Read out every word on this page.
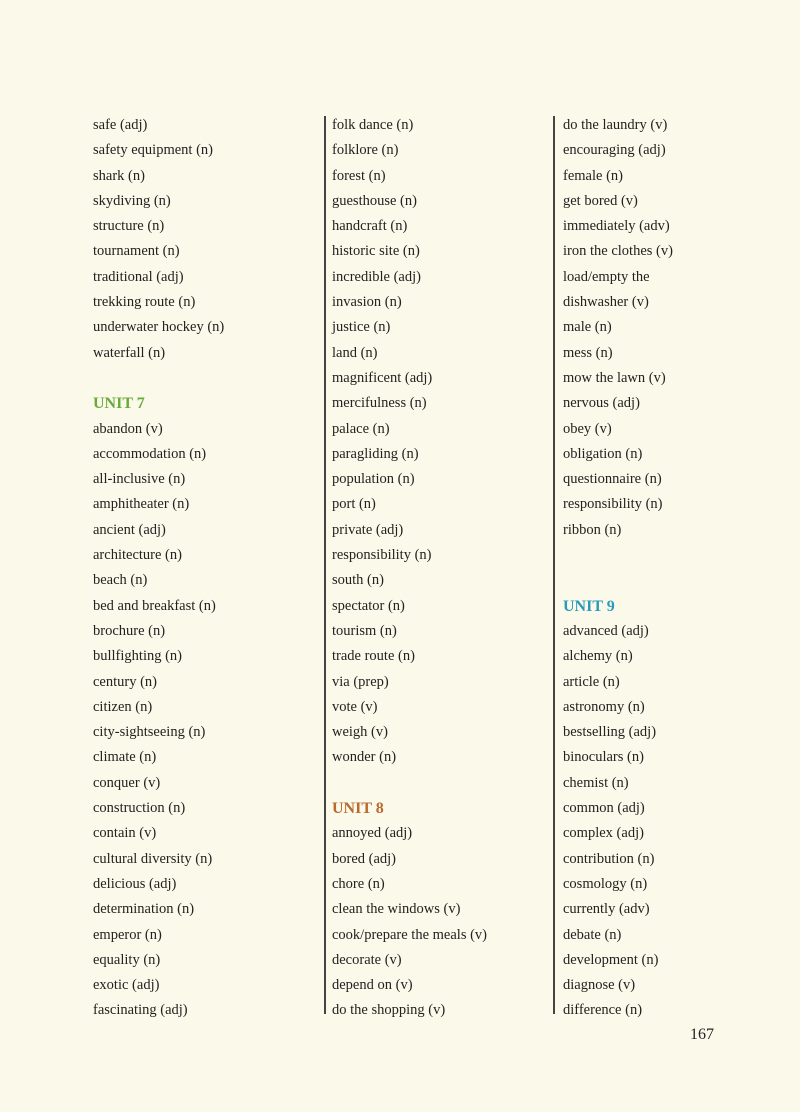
safe (adj)
safety equipment (n)
shark (n)
skydiving (n)
structure (n)
tournament (n)
traditional (adj)
trekking route (n)
underwater hockey (n)
waterfall (n)
UNIT 7
abandon (v)
accommodation (n)
all-inclusive (n)
amphitheater (n)
ancient (adj)
architecture (n)
beach (n)
bed and breakfast (n)
brochure (n)
bullfighting (n)
century (n)
citizen (n)
city-sightseeing (n)
climate (n)
conquer (v)
construction (n)
contain (v)
cultural diversity (n)
delicious (adj)
determination (n)
emperor (n)
equality (n)
exotic (adj)
fascinating (adj)
folk dance (n)
folklore (n)
forest (n)
guesthouse (n)
handcraft (n)
historic site (n)
incredible (adj)
invasion (n)
justice (n)
land (n)
magnificent (adj)
mercifulness (n)
palace (n)
paragliding (n)
population (n)
port (n)
private (adj)
responsibility (n)
south (n)
spectator (n)
tourism (n)
trade route (n)
via (prep)
vote (v)
weigh (v)
wonder (n)
UNIT 8
annoyed (adj)
bored (adj)
chore (n)
clean the windows (v)
cook/prepare the meals (v)
decorate (v)
depend on (v)
do the shopping (v)
do the laundry (v)
encouraging (adj)
female (n)
get bored (v)
immediately (adv)
iron the clothes (v)
load/empty the
dishwasher (v)
male (n)
mess (n)
mow the lawn (v)
nervous (adj)
obey (v)
obligation (n)
questionnaire (n)
responsibility (n)
ribbon (n)
UNIT 9
advanced (adj)
alchemy (n)
article (n)
astronomy (n)
bestselling (adj)
binoculars (n)
chemist (n)
common (adj)
complex (adj)
contribution (n)
cosmology (n)
currently (adv)
debate (n)
development (n)
diagnose (v)
difference (n)
167
